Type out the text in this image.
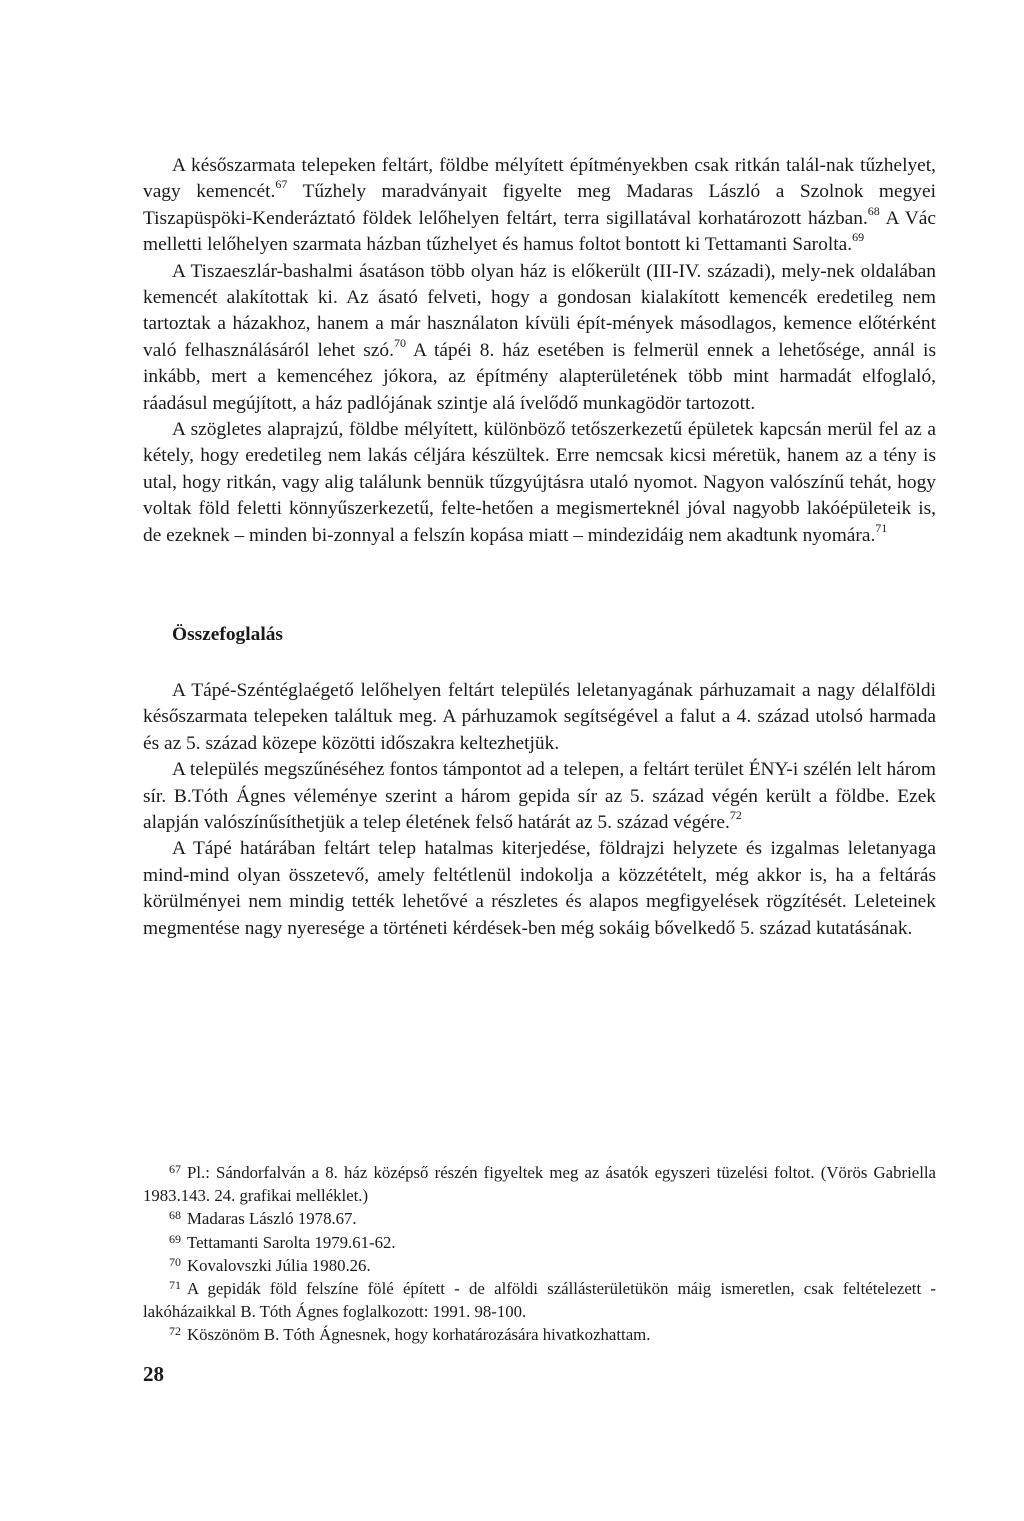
A későszarmata telepeken feltárt, földbe mélyített építményekben csak ritkán talál-nak tűzhelyet, vagy kemencét.$^{67}$ Tűzhely maradványait figyelte meg Madaras László a Szolnok megyei Tiszapüspöki-Kenderáztató földek lelőhelyen feltárt, terra sigillatával korhatározott házban.$^{68}$ A Vác melletti lelőhelyen szarmata házban tűzhelyet és hamus foltot bontott ki Tettamanti Sarolta.$^{69}$

A Tiszaeszlár-bashalmi ásatáson több olyan ház is előkerült (III-IV. századi), mely-nek oldalában kemencét alakítottak ki. Az ásató felveti, hogy a gondosan kialakított kemencék eredetileg nem tartoztak a házakhoz, hanem a már használaton kívüli épít-mények másodlagos, kemence előtérként való felhasználásáról lehet szó.$^{70}$ A tápéi 8. ház esetében is felmerül ennek a lehetősége, annál is inkább, mert a kemencéhez jókora, az építmény alapterületének több mint harmadát elfoglaló, ráadásul megújított, a ház padlójának szintje alá ívelődő munkagödör tartozott.

A szögletes alaprajzú, földbe mélyített, különböző tetőszerkezetű épületek kapcsán merül fel az a kétely, hogy eredetileg nem lakás céljára készültek. Erre nemcsak kicsi méretük, hanem az a tény is utal, hogy ritkán, vagy alig találunk bennük tűzgyújtásra utaló nyomot. Nagyon valószínű tehát, hogy voltak föld feletti könnyűszerkezetű, felte-hetően a megismerteknél jóval nagyobb lakóépületeik is, de ezeknek – minden bi-zonnyal a felszín kopása miatt – mindezidáig nem akadtunk nyomára.$^{71}$

Összefoglalás

A Tápé-Széntéglaégető lelőhelyen feltárt település leletanyagának párhuzamait a nagy délalföldi későszarmata telepeken találtuk meg. A párhuzamok segítségével a falut a 4. század utolsó harmada és az 5. század közepe közötti időszakra keltezhetjük.

A település megszűnéséhez fontos támpontot ad a telepen, a feltárt terület ÉNY-i szélén lelt három sír. B.Tóth Ágnes véleménye szerint a három gepida sír az 5. század végén került a földbe. Ezek alapján valószínűsíthetjük a telep életének felső határát az 5. század végére.$^{72}$

A Tápé határában feltárt telep hatalmas kiterjedése, földrajzi helyzete és izgalmas leletanyaga mind-mind olyan összetevő, amely feltétlenül indokolja a közzétételt, még akkor is, ha a feltárás körülményei nem mindig tették lehetővé a részletes és alapos megfigyelések rögzítését. Leleteinek megmentése nagy nyeresége a történeti kérdések-ben még sokáig bővelkedő 5. század kutatásának.

$^{67}$ Pl.: Sándorfalván a 8. ház középső részén figyeltek meg az ásatók egyszeri tüzelési foltot. (Vörös Gabriella 1983.143. 24. grafikai melléklet.)

$^{68}$ Madaras László 1978.67.

$^{69}$ Tettamanti Sarolta 1979.61-62.

$^{70}$ Kovalovszki Júlia 1980.26.

$^{71}$ A gepidák föld felszíne fölé épített - de alföldi szállásterületükön máig ismeretlen, csak feltételezett - lakóházaikkal B. Tóth Ágnes foglalkozott: 1991. 98-100.

$^{72}$ Köszönöm B. Tóth Ágnesnek, hogy korhatározására hivatkozhattam.

28
